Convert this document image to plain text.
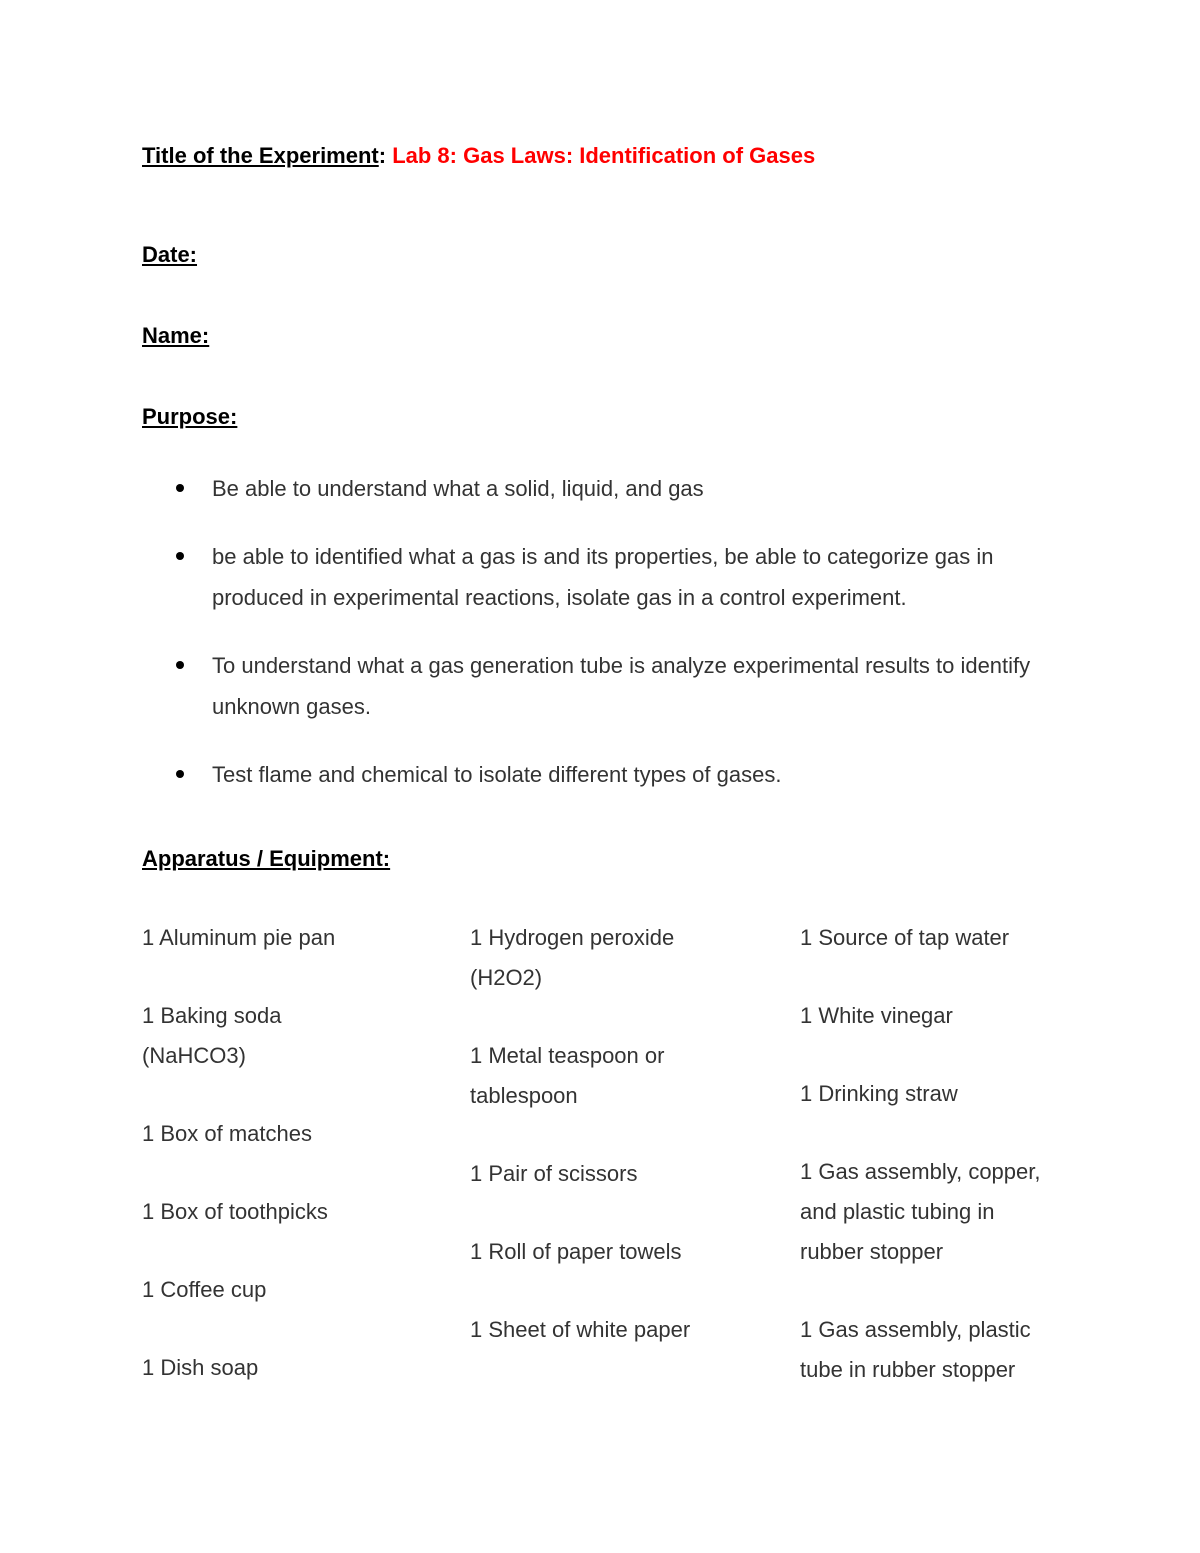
Title of the Experiment: Lab 8: Gas Laws: Identification of Gases
Date:
Name:
Purpose:
Be able to understand what a solid, liquid, and gas
be able to identified what a gas is and its properties, be able to categorize gas in produced in experimental reactions, isolate gas in a control experiment.
To understand what a gas generation tube is analyze experimental results to identify unknown gases.
Test flame and chemical to isolate different types of gases.
Apparatus / Equipment:
1 Aluminum pie pan
1 Baking soda (NaHCO3)
1 Box of matches
1 Box of toothpicks
1 Coffee cup
1 Dish soap
1 Hydrogen peroxide (H2O2)
1 Metal teaspoon or tablespoon
1 Pair of scissors
1 Roll of paper towels
1 Sheet of white paper
1 Source of tap water
1 White vinegar
1 Drinking straw
1 Gas assembly, copper, and plastic tubing in rubber stopper
1 Gas assembly, plastic tube in rubber stopper
